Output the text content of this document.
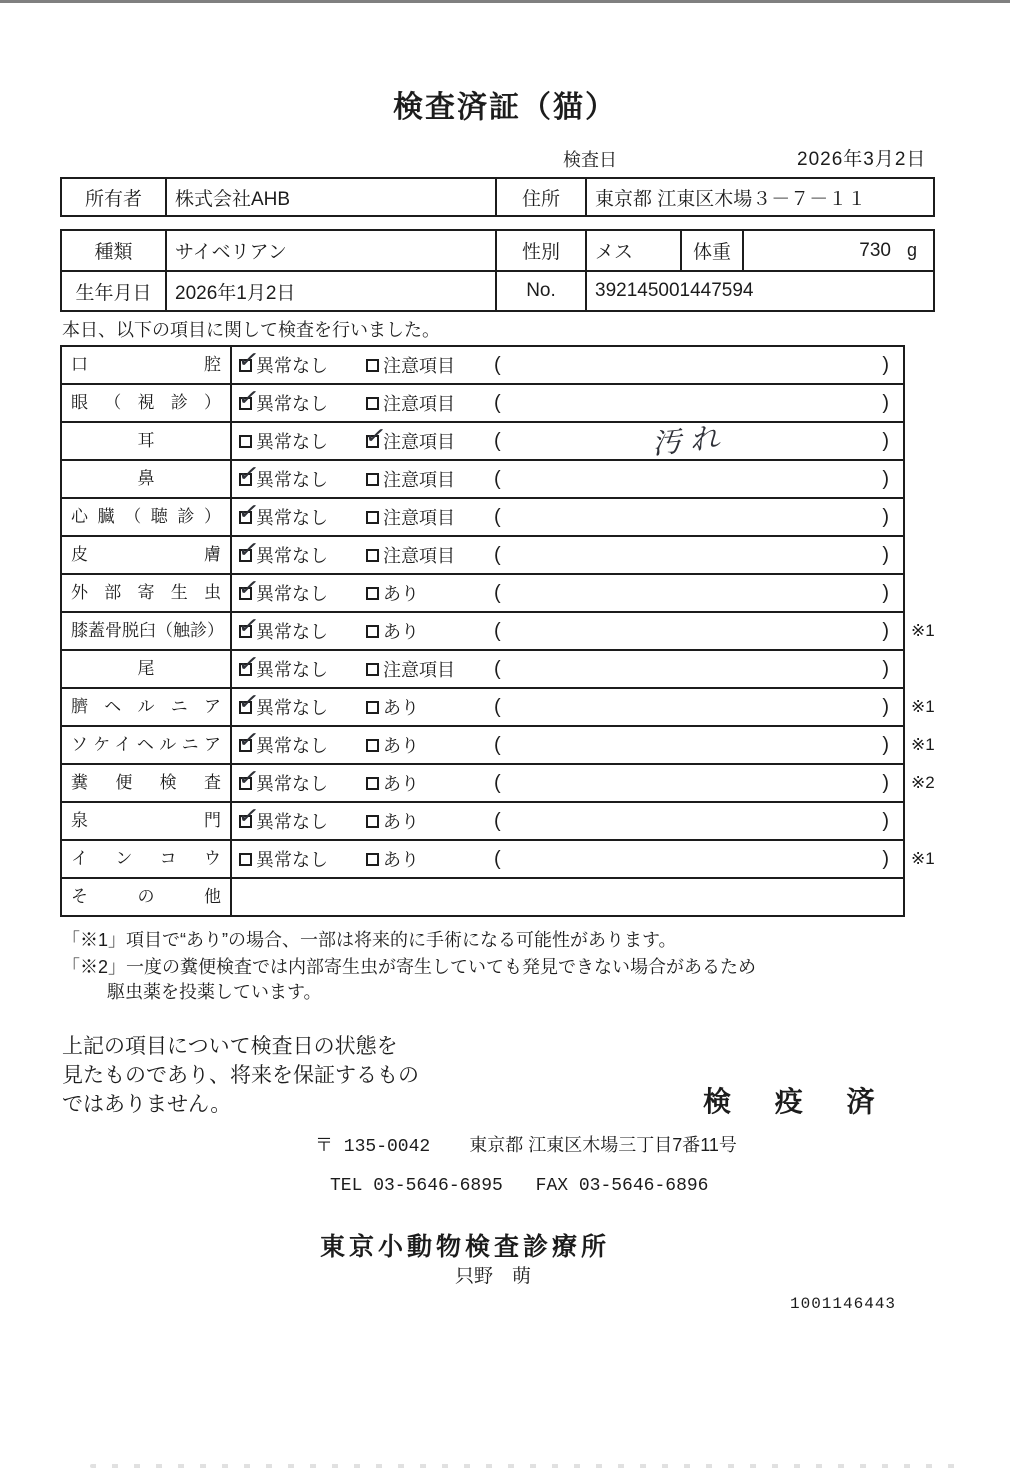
検査済証（猫）
検査日	2026年3月2日
所有者	株式会社AHB	住所	東京都 江東区木場３－７－１１
種類	サイベリアン	性別	メス	体重	730 g
生年月日	2026年1月2日	No.	392145001447594
本日、以下の項目に関して検査を行いました。
口腔 ✓	異常なし	注意項目 (	)
眼（視診） ✓	異常なし	注意項目 (	)
耳	異常なし ✓	注意項目 (	汚れ	)
鼻 ✓	異常なし	注意項目 (	)
心臓（聴診） ✓	異常なし	注意項目 (	)
皮膚 ✓	異常なし	注意項目 (	)
外部寄生虫 ✓	異常なし	あり	(	)
膝蓋骨脱臼（触診） ✓	異常なし	あり	(	) ※1
尾 ✓	異常なし	注意項目 (	)
臍ヘルニア ✓	異常なし	あり	(	) ※1
ソケイヘルニア ✓	異常なし	あり	(	) ※1
糞便検査 ✓	異常なし	あり	(	) ※2
泉門 ✓	異常なし	あり	(	)
インコウ	異常なし	あり	(	) ※1
その他
「※1」項目で“あり”の場合、一部は将来的に手術になる可能性があります。
「※2」一度の糞便検査では内部寄生虫が寄生していても発見できない場合があるため
駆虫薬を投薬しています。
上記の項目について検査日の状態を
見たものであり、将来を保証するもの
ではありません。	検 疫 済
〒 135-0042 東京都 江東区木場三丁目7番11号
TEL 03-5646-6895 FAX 03-5646-6896
東京小動物検査診療所
只野　萌
1001146443
